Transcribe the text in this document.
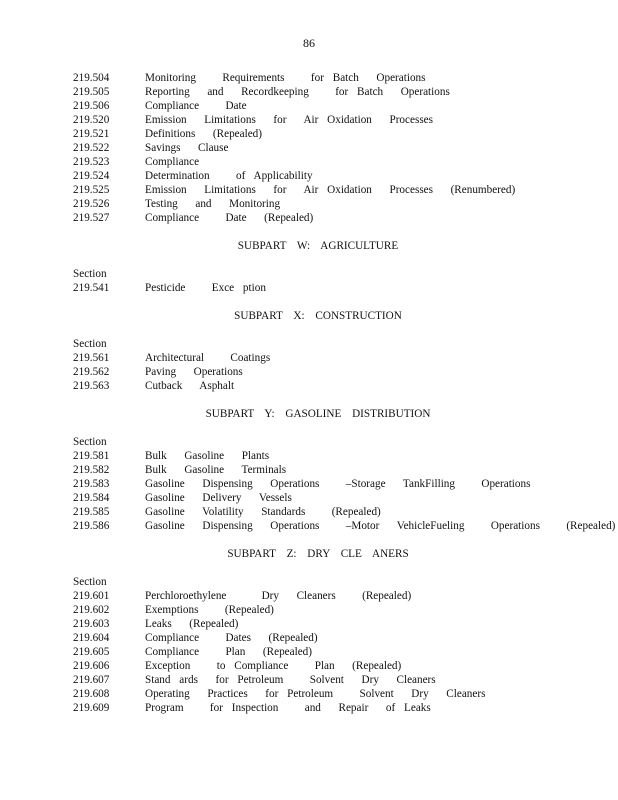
86
219.504	Monitoring   Requirements   for Batch  Operations
219.505	Reporting  and  Recordkeeping   for Batch  Operations
219.506	Compliance   Date
219.520	Emission  Limitations  for  Air Oxidation  Processes
219.521	Definitions  (Repealed)
219.522	Savings  Clause
219.523	Compliance
219.524	Determination   of Applicability
219.525	Emission  Limitations  for  Air Oxidation  Processes  (Renumbered)
219.526	Testing  and  Monitoring
219.527	Compliance   Date  (Repealed)
SUBPART W: AGRICULTURE
Section
219.541	Pesticide   Exce ption
SUBPART X: CONSTRUCTION
Section
219.561	Architectural   Coatings
219.562	Paving  Operations
219.563	Cutback  Asphalt
SUBPART Y: GASOLINE DISTRIBUTION
Section
219.581	Bulk  Gasoline  Plants
219.582	Bulk  Gasoline  Terminals
219.583	Gasoline  Dispensing  Operations   –Storage  TankFilling   Operations
219.584	Gasoline  Delivery  Vessels
219.585	Gasoline  Volatility  Standards   (Repealed)
219.586	Gasoline  Dispensing  Operations   –Motor  VehicleFueling   Operations   (Repealed)
SUBPART Z: DRY CLE ANERS
Section
219.601	Perchloroethylene    Dry  Cleaners   (Repealed)
219.602	Exemptions   (Repealed)
219.603	Leaks  (Repealed)
219.604	Compliance   Dates  (Repealed)
219.605	Compliance   Plan  (Repealed)
219.606	Exception   to Compliance   Plan  (Repealed)
219.607	Stand ards  for Petroleum   Solvent  Dry  Cleaners
219.608	Operating  Practices  for Petroleum   Solvent  Dry  Cleaners
219.609	Program   for Inspection   and  Repair  of Leaks
